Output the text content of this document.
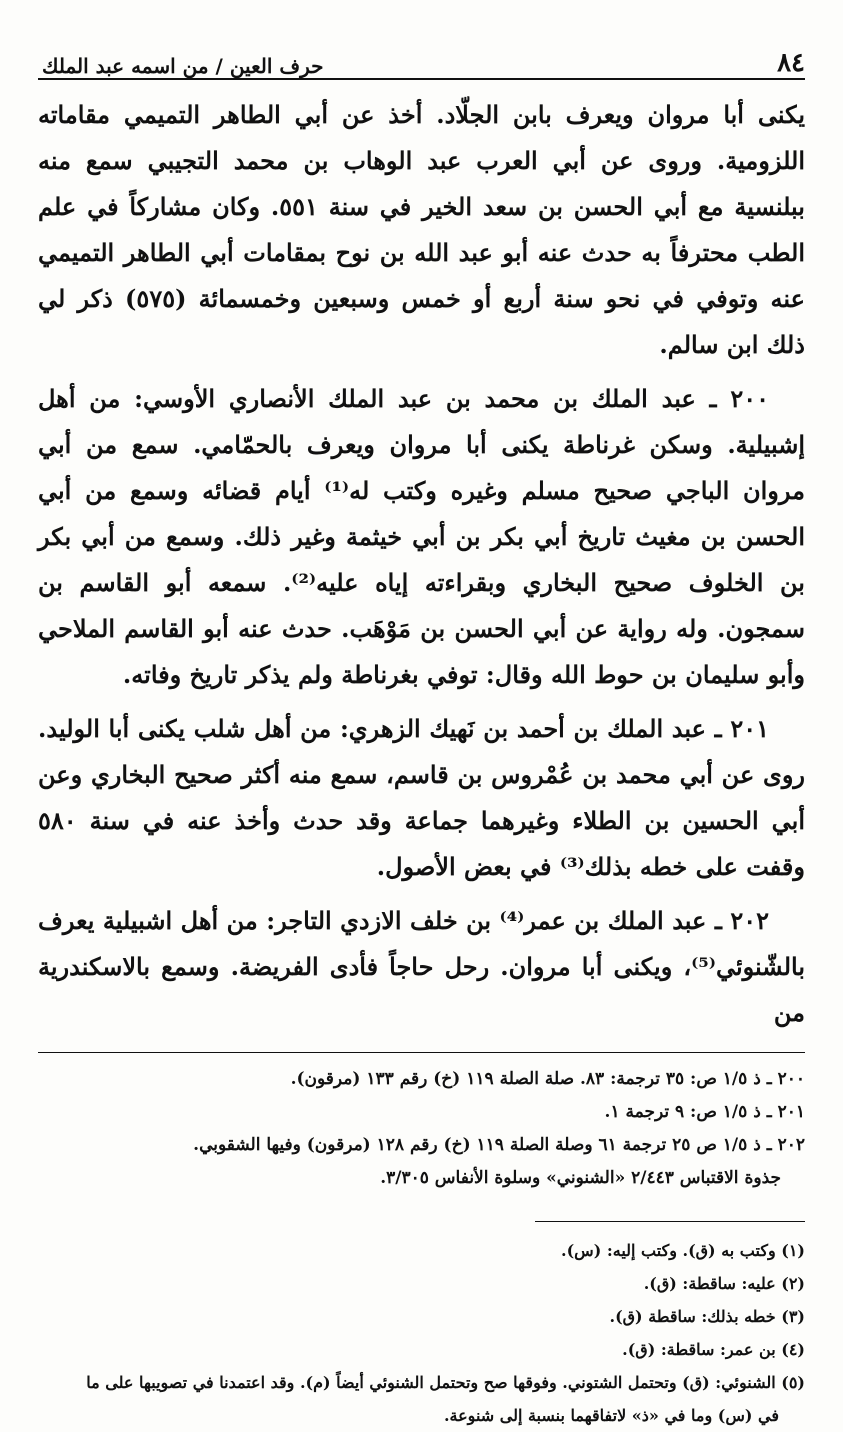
٨٤
حرف العين / من اسمه عبد الملك

يكنى أبا مروان ويعرف بابن الجلّاد. أخذ عن أبي الطاهر التميمي مقاماته اللزومية. وروى عن أبي العرب عبد الوهاب بن محمد التجيبي سمع منه ببلنسية مع أبي الحسن بن سعد الخير في سنة ٥٥١. وكان مشاركاً في علم الطب محترفاً به حدث عنه أبو عبد الله بن نوح بمقامات أبي الطاهر التميمي عنه وتوفي في نحو سنة أربع أو خمس وسبعين وخمسمائة (٥٧٥) ذكر لي ذلك ابن سالم.

٢٠٠ ـ عبد الملك بن محمد بن عبد الملك الأنصاري الأوسي: من أهل إشبيلية. وسكن غرناطة يكنى أبا مروان ويعرف بالحمّامي. سمع من أبي مروان الباجي صحيح مسلم وغيره وكتب له⁽¹⁾ أيام قضائه وسمع من أبي الحسن بن مغيث تاريخ أبي بكر بن أبي خيثمة وغير ذلك. وسمع من أبي بكر بن الخلوف صحيح البخاري وبقراءته إياه عليه⁽²⁾. سمعه أبو القاسم بن سمجون. وله رواية عن أبي الحسن بن مَوْهَب. حدث عنه أبو القاسم الملاحي وأبو سليمان بن حوط الله وقال: توفي بغرناطة ولم يذكر تاريخ وفاته.

٢٠١ ـ عبد الملك بن أحمد بن نَهيك الزهري: من أهل شلب يكنى أبا الوليد. روى عن أبي محمد بن عُمْروس بن قاسم، سمع منه أكثر صحيح البخاري وعن أبي الحسين بن الطلاء وغيرهما جماعة وقد حدث وأخذ عنه في سنة ٥٨٠ وقفت على خطه بذلك⁽³⁾ في بعض الأصول.

٢٠٢ ـ عبد الملك بن عمر⁽⁴⁾ بن خلف الازدي التاجر: من أهل اشبيلية يعرف بالشّنوئي⁽⁵⁾، ويكنى أبا مروان. رحل حاجاً فأدى الفريضة. وسمع بالاسكندرية من

٢٠٠ ـ ذ ١/٥ ص: ٣٥ ترجمة: ٨٣. صلة الصلة ١١٩ (خ) رقم ١٣٣ (مرقون).
٢٠١ ـ ذ ١/٥ ص: ٩ ترجمة ١.
٢٠٢ ـ ذ ١/٥ ص ٢٥ ترجمة ٦١ وصلة الصلة ١١٩ (خ) رقم ١٢٨ (مرقون) وفيها الشقوبي.
جذوة الاقتباس ٢/٤٤٣ «الشنوني» وسلوة الأنفاس ٣/٣٠٥.
(١) وكتب به (ق). وكتب إليه: (س).
(٢) عليه: ساقطة: (ق).
(٣) خطه بذلك: ساقطة (ق).
(٤) بن عمر: ساقطة: (ق).
(٥) الشنوئي: (ق) وتحتمل الشتوني. وفوقها صح وتحتمل الشنوئي أيضاً (م). وقد اعتمدنا في تصويبها على ما
في (س) وما في «ذ» لاتفاقهما بنسبة إلى شنوعة.
